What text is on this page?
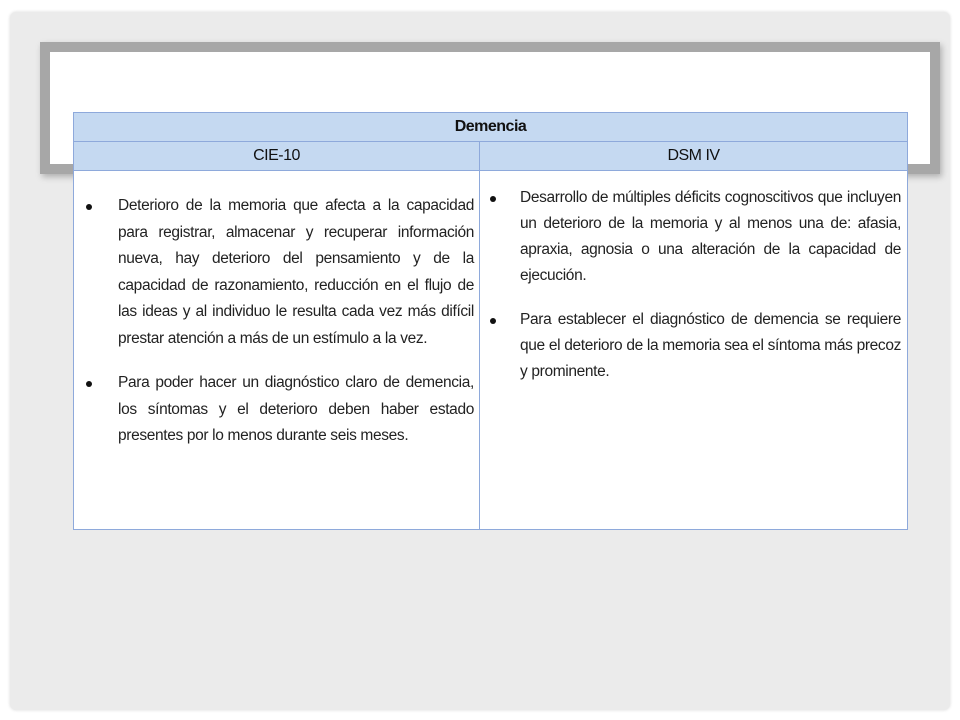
Demencia
CIE-10	DSM IV
Deterioro de la memoria que afecta a la capacidad para registrar, almacenar y recuperar información nueva, hay deterioro del pensamiento y de la capacidad de razonamiento, reducción en el flujo de las ideas y al individuo le resulta cada vez más difícil prestar atención a más de un estímulo a la vez.
Para poder hacer un diagnóstico claro de demencia, los síntomas y el deterioro deben haber estado presentes por lo menos durante seis meses.
Desarrollo de múltiples déficits cognoscitivos que incluyen un deterioro de la memoria y al menos una de: afasia, apraxia, agnosia o una alteración de la capacidad de ejecución.
Para establecer el diagnóstico de demencia se requiere que el deterioro de la memoria sea el síntoma más precoz y prominente.
